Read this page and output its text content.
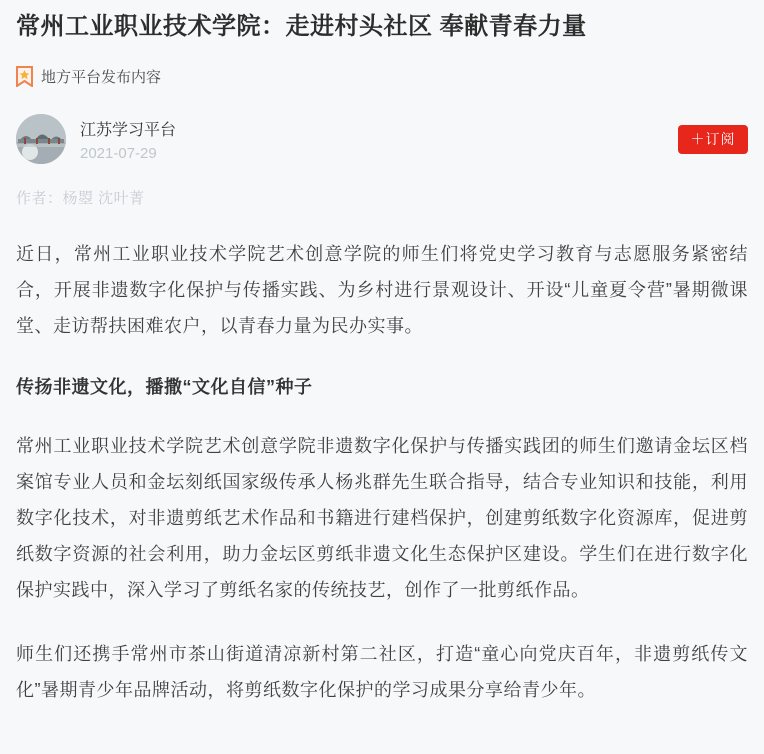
常州工业职业技术学院：走进村头社区 奉献青春力量
地方平台发布内容
江苏学习平台
2021-07-29
＋订阅
作者：杨曌 沈叶菁

近日，常州工业职业技术学院艺术创意学院的师生们将党史学习教育与志愿服务紧密结合，开展非遗数字化保护与传播实践、为乡村进行景观设计、开设“儿童夏令营”暑期微课堂、走访帮扶困难农户，以青春力量为民办实事。

传扬非遗文化，播撒“文化自信”种子

常州工业职业技术学院艺术创意学院非遗数字化保护与传播实践团的师生们邀请金坛区档案馆专业人员和金坛刻纸国家级传承人杨兆群先生联合指导，结合专业知识和技能，利用数字化技术，对非遗剪纸艺术作品和书籍进行建档保护，创建剪纸数字化资源库，促进剪纸数字资源的社会利用，助力金坛区剪纸非遗文化生态保护区建设。学生们在进行数字化保护实践中，深入学习了剪纸名家的传统技艺，创作了一批剪纸作品。

师生们还携手常州市茶山街道清凉新村第二社区，打造“童心向党庆百年，非遗剪纸传文化”暑期青少年品牌活动，将剪纸数字化保护的学习成果分享给青少年。
